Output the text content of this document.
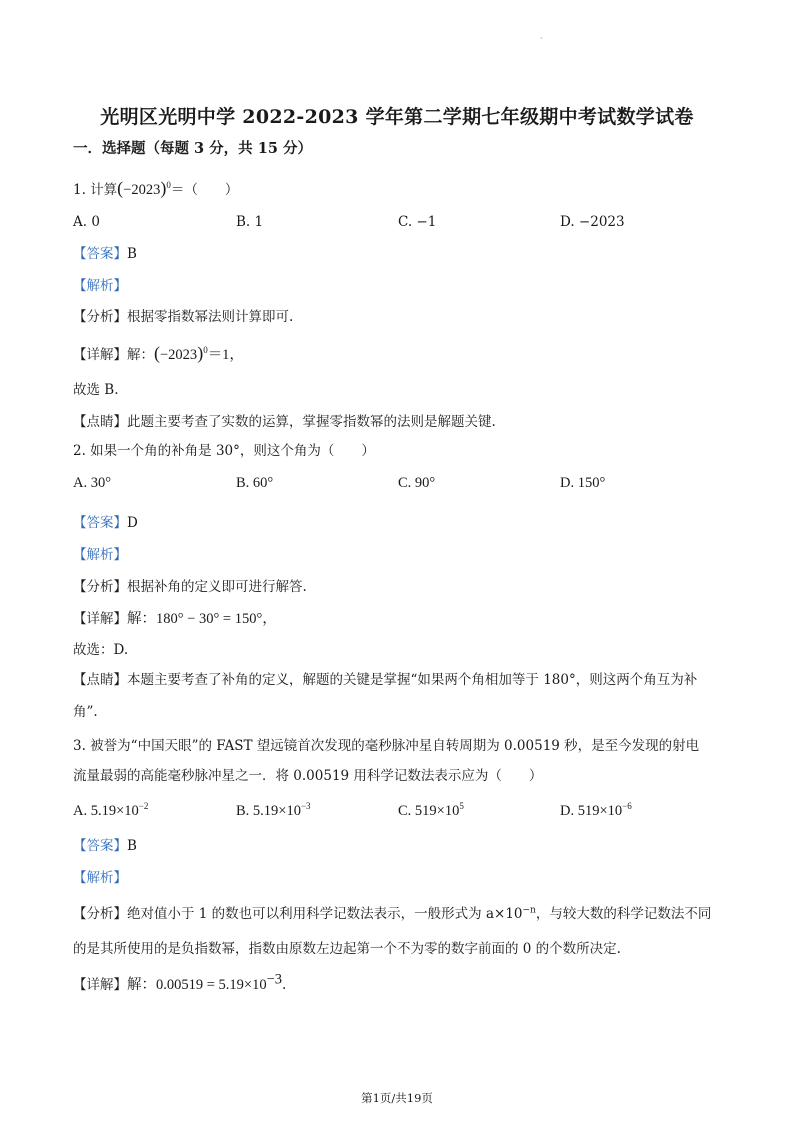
·
光明区光明中学 2022-2023 学年第二学期七年级期中考试数学试卷
一．选择题（每题 3 分，共 15 分）
1. 计算$(-2023)^0=$（　　）
A. 0	B. 1	C. −1	D. −2023
【答案】B
【解析】
【分析】根据零指数幂法则计算即可.
【详解】解：$(-2023)^0=1$，
故选 B.
【点睛】此题主要考查了实数的运算，掌握零指数幂的法则是解题关键.
2. 如果一个角的补角是 30°，则这个角为（　　）
A. 30°	B. 60°	C. 90°	D. 150°
【答案】D
【解析】
【分析】根据补角的定义即可进行解答.
【详解】解：180° − 30° = 150°，
故选：D.
【点睛】本题主要考查了补角的定义，解题的关键是掌握“如果两个角相加等于 180°，则这两个角互为补
角”.
3. 被誉为“中国天眼”的 FAST 望远镜首次发现的毫秒脉冲星自转周期为 0.00519 秒，是至今发现的射电
流量最弱的高能毫秒脉冲星之一．将 0.00519 用科学记数法表示应为（　　）
A. $5.19\times 10^{-2}$	B. $5.19\times 10^{-3}$	C. $519\times 10^5$	D. $519\times 10^{-6}$
【答案】B
【解析】
【分析】绝对值小于 1 的数也可以利用科学记数法表示，一般形式为 $a\times 10^{-n}$，与较大数的科学记数法不同
的是其所使用的是负指数幂，指数由原数左边起第一个不为零的数字前面的 0 的个数所决定.
【详解】解：$0.00519 = 5.19\times 10^{-3}$.
第1页/共19页
